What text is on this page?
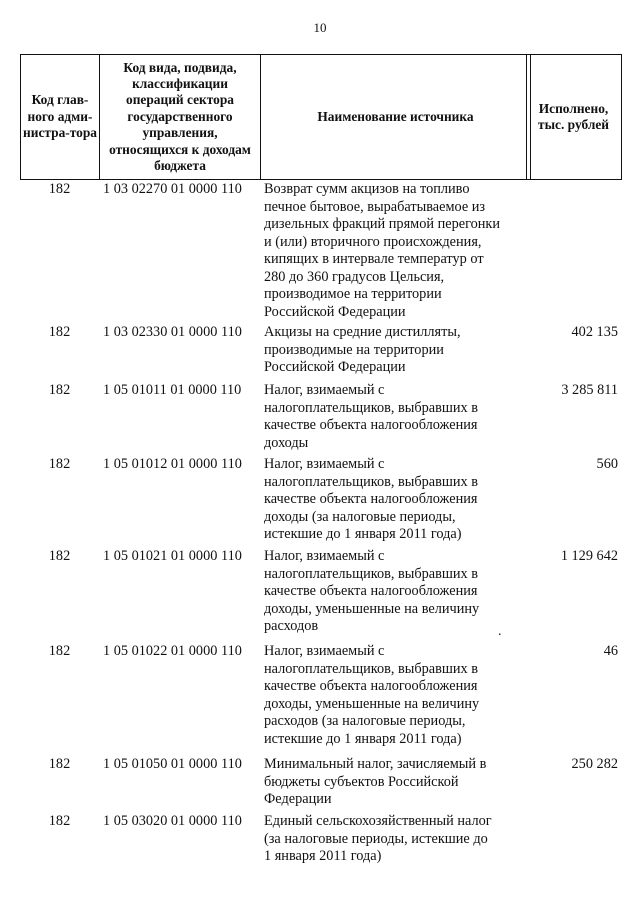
10
Код глав-ного адми-нистра-тора
Код вида, подвида, классификации операций сектора государственного управления, относящихся к доходам бюджета
Наименование источника
Исполнено, тыс. рублей
182	1 03 02270 01 0000 110	Возврат сумм акцизов на топливо
печное бытовое, вырабатываемое из
дизельных фракций прямой перегонки
и (или) вторичного происхождения,
кипящих в интервале температур от
280 до 360 градусов Цельсия,
производимое на территории
Российской Федерации
182	1 03 02330 01 0000 110	Акцизы на средние дистилляты,
производимые на территории
Российской Федерации
402 135
182	1 05 01011 01 0000 110	Налог, взимаемый с
налогоплательщиков, выбравших в
качестве объекта налогообложения
доходы
3 285 811
182	1 05 01012 01 0000 110	Налог, взимаемый с
налогоплательщиков, выбравших в
качестве объекта налогообложения
доходы (за налоговые периоды,
истекшие до 1 января 2011 года)
560
182	1 05 01021 01 0000 110	Налог, взимаемый с
налогоплательщиков, выбравших в
качестве объекта налогообложения
доходы, уменьшенные на величину
расходов
1 129 642
182	1 05 01022 01 0000 110	Налог, взимаемый с
налогоплательщиков, выбравших в
качестве объекта налогообложения
доходы, уменьшенные на величину
расходов (за налоговые периоды,
истекшие до 1 января 2011 года)
46
182	1 05 01050 01 0000 110	Минимальный налог, зачисляемый в
бюджеты субъектов Российской
Федерации
250 282
182	1 05 03020 01 0000 110	Единый сельскохозяйственный налог
(за налоговые периоды, истекшие до
1 января 2011 года)
.
